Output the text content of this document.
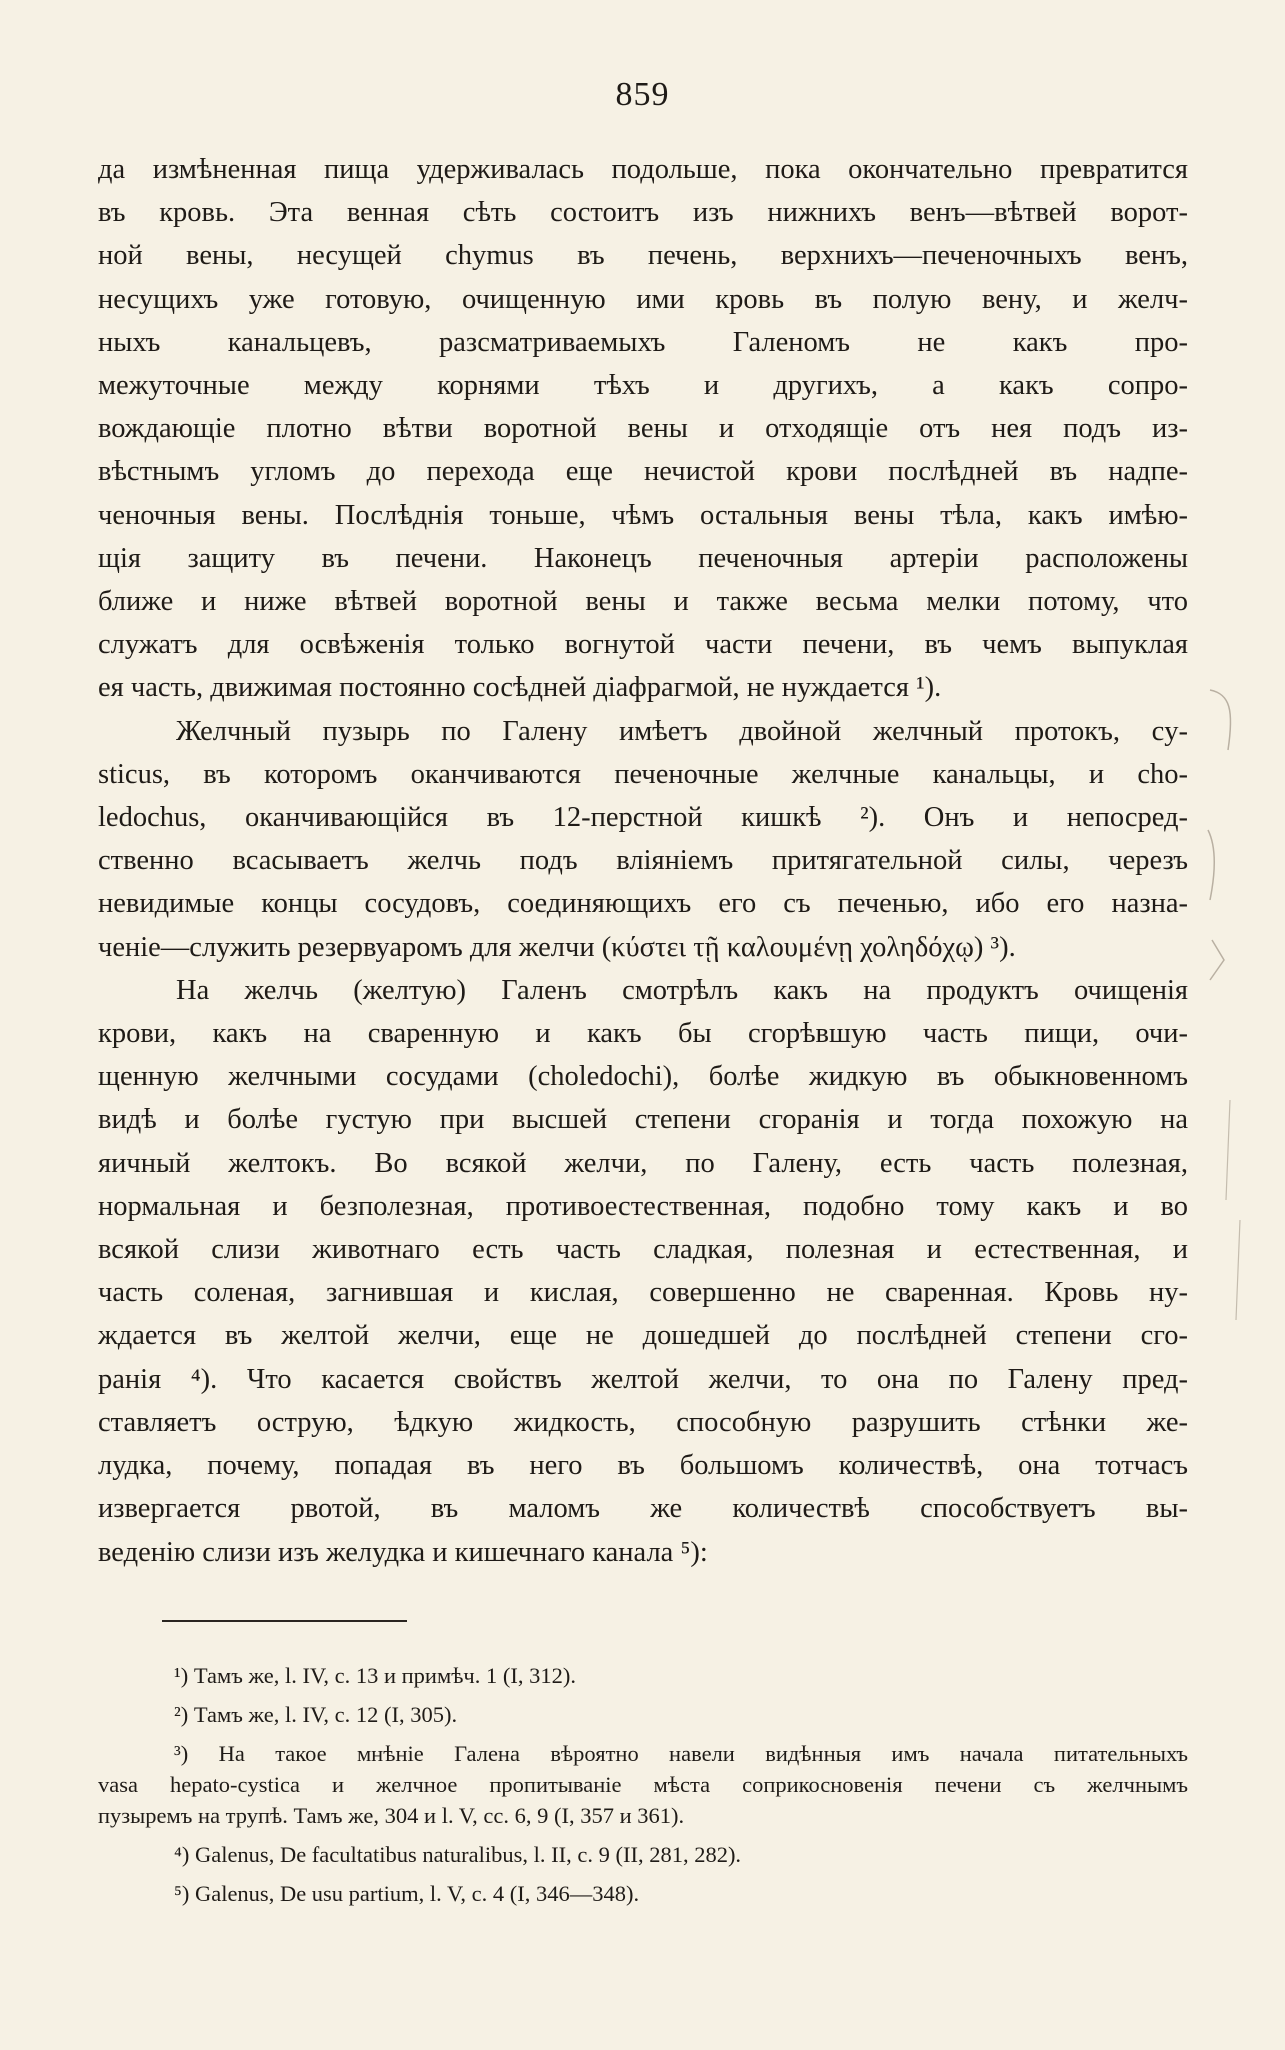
859
да измѣненная пища удерживалась подольше, пока окончательно превратится
въ кровь. Эта венная сѣть состоитъ изъ нижнихъ венъ—вѣтвей ворот-
ной вены, несущей chymus въ печень, верхнихъ—печеночныхъ венъ,
несущихъ уже готовую, очищенную ими кровь въ полую вену, и желч-
ныхъ канальцевъ, разсматриваемыхъ Галеномъ не какъ про-
межуточные между корнями тѣхъ и другихъ, а какъ сопро-
вождающіе плотно вѣтви воротной вены и отходящіе отъ нея подъ из-
вѣстнымъ угломъ до перехода еще нечистой крови послѣдней въ надпе-
ченочныя вены. Послѣднія тоньше, чѣмъ остальныя вены тѣла, какъ имѣю-
щія защиту въ печени. Наконецъ печеночныя артеріи расположены
ближе и ниже вѣтвей воротной вены и также весьма мелки потому, что
служатъ для освѣженія только вогнутой части печени, въ чемъ выпуклая
ея часть, движимая постоянно сосѣдней діафрагмой, не нуждается ¹).
Желчный пузырь по Галену имѣетъ двойной желчный протокъ, cy-
sticus, въ которомъ оканчиваются печеночные желчные канальцы, и cho-
ledochus, оканчивающійся въ 12-перстной кишкѣ ²). Онъ и непосред-
ственно всасываетъ желчь подъ вліяніемъ притягательной силы, черезъ
невидимые концы сосудовъ, соединяющихъ его съ печенью, ибо его назна-
ченіе—служить резервуаромъ для желчи (κύστει τῇ καλουμένῃ χοληδόχῳ) ³).
На желчь (желтую) Галенъ смотрѣлъ какъ на продуктъ очищенія
крови, какъ на сваренную и какъ бы сгорѣвшую часть пищи, очи-
щенную желчными сосудами (choledochi), болѣе жидкую въ обыкновенномъ
видѣ и болѣе густую при высшей степени сгоранія и тогда похожую на
яичный желтокъ. Во всякой желчи, по Галену, есть часть полезная,
нормальная и безполезная, противоестественная, подобно тому какъ и во
всякой слизи животнаго есть часть сладкая, полезная и естественная, и
часть соленая, загнившая и кислая, совершенно не сваренная. Кровь ну-
ждается въ желтой желчи, еще не дошедшей до послѣдней степени сго-
ранія ⁴). Что касается свойствъ желтой желчи, то она по Галену пред-
ставляетъ острую, ѣдкую жидкость, способную разрушить стѣнки же-
лудка, почему, попадая въ него въ большомъ количествѣ, она тотчасъ
извергается рвотой, въ маломъ же количествѣ способствуетъ вы-
веденію слизи изъ желудка и кишечнаго канала ⁵):

¹) Тамъ же, l. IV, c. 13 и примѣч. 1 (I, 312).

²) Тамъ же, l. IV, c. 12 (I, 305).

³) На такое мнѣніе Галена вѣроятно навели видѣнныя имъ начала питательныхъ
vasa hepato-cystica и желчное пропитываніе мѣста соприкосновенія печени съ желчнымъ
пузыремъ на трупѣ. Тамъ же, 304 и l. V, cc. 6, 9 (I, 357 и 361).

⁴) Galenus, De facultatibus naturalibus, l. II, c. 9 (II, 281, 282).

⁵) Galenus, De usu partium, l. V, c. 4 (I, 346—348).
